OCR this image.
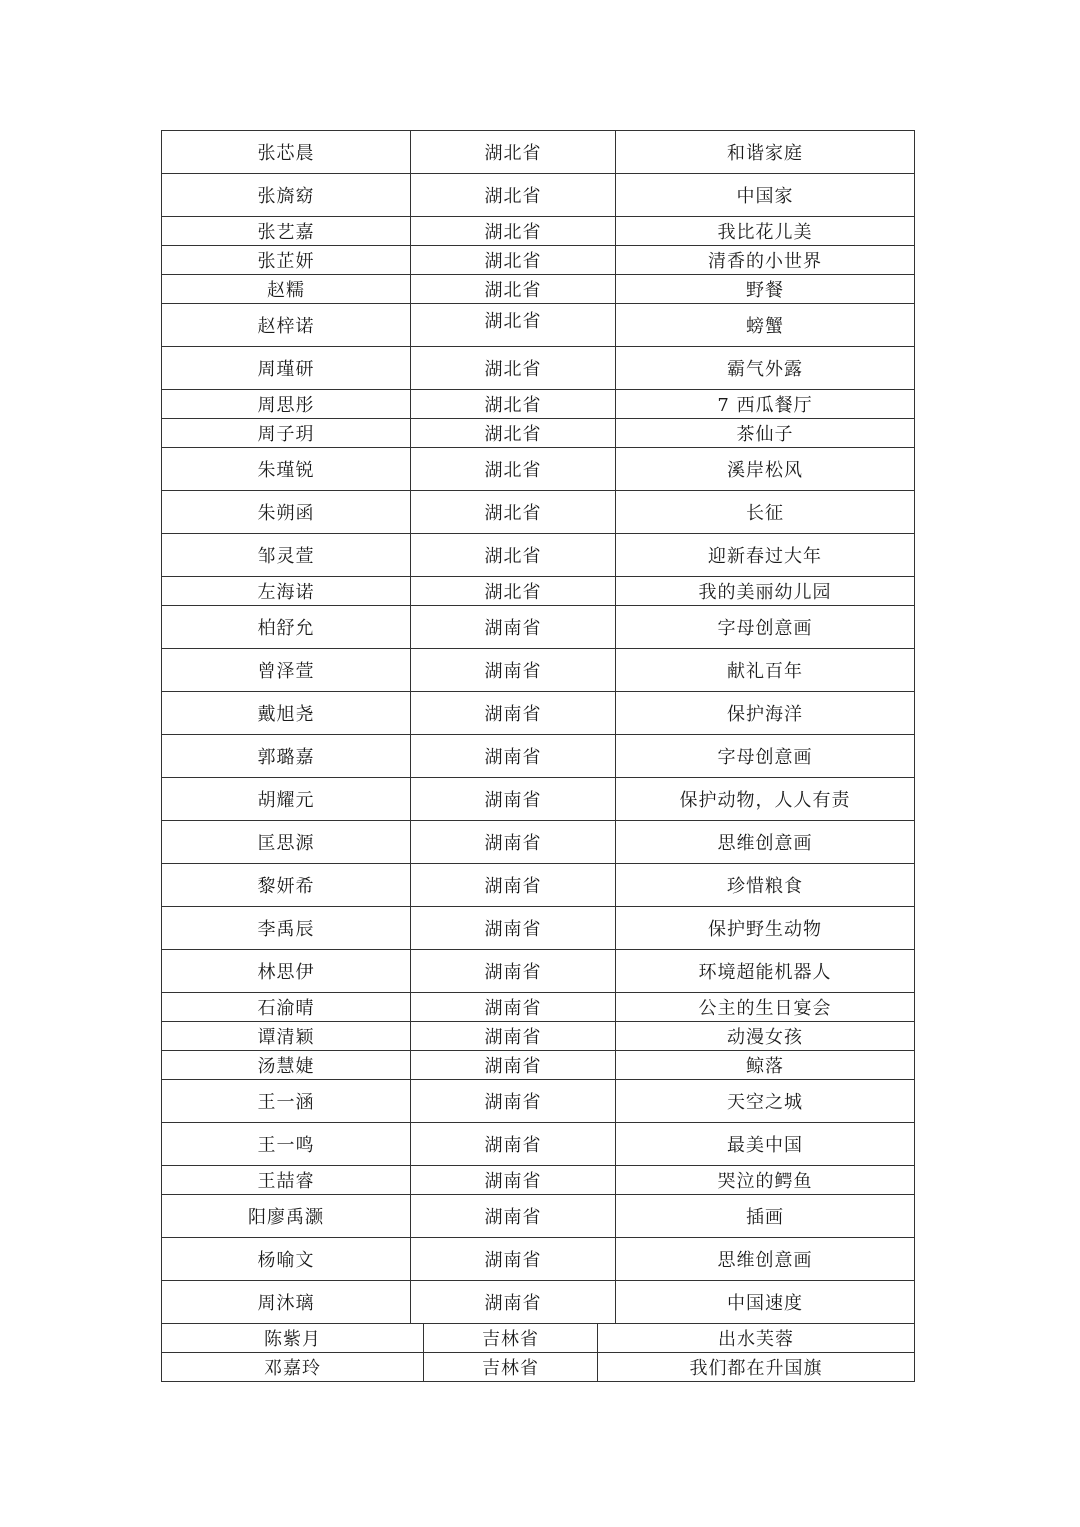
张芯晨	湖北省	和谐家庭
张旖窈	湖北省	中国家
张艺嘉	湖北省	我比花儿美
张芷妍	湖北省	清香的小世界
赵糯	湖北省	野餐
赵梓诺	湖北省	螃蟹
周瑾研	湖北省	霸气外露
周思彤	湖北省	7 西瓜餐厅
周子玥	湖北省	茶仙子
朱瑾锐	湖北省	溪岸松风
朱朔函	湖北省	长征
邹灵萱	湖北省	迎新春过大年
左海诺	湖北省	我的美丽幼儿园
柏舒允	湖南省	字母创意画
曾泽萱	湖南省	献礼百年
戴旭尧	湖南省	保护海洋
郭璐嘉	湖南省	字母创意画
胡耀元	湖南省	保护动物，人人有责
匡思源	湖南省	思维创意画
黎妍希	湖南省	珍惜粮食
李禹辰	湖南省	保护野生动物
林思伊	湖南省	环境超能机器人
石渝晴	湖南省	公主的生日宴会
谭清颖	湖南省	动漫女孩
汤慧婕	湖南省	鲸落
王一涵	湖南省	天空之城
王一鸣	湖南省	最美中国
王喆睿	湖南省	哭泣的鳄鱼
阳廖禹灏	湖南省	插画
杨喻文	湖南省	思维创意画
周沐璃	湖南省	中国速度
陈紫月	吉林省	出水芙蓉
邓嘉玲	吉林省	我们都在升国旗
